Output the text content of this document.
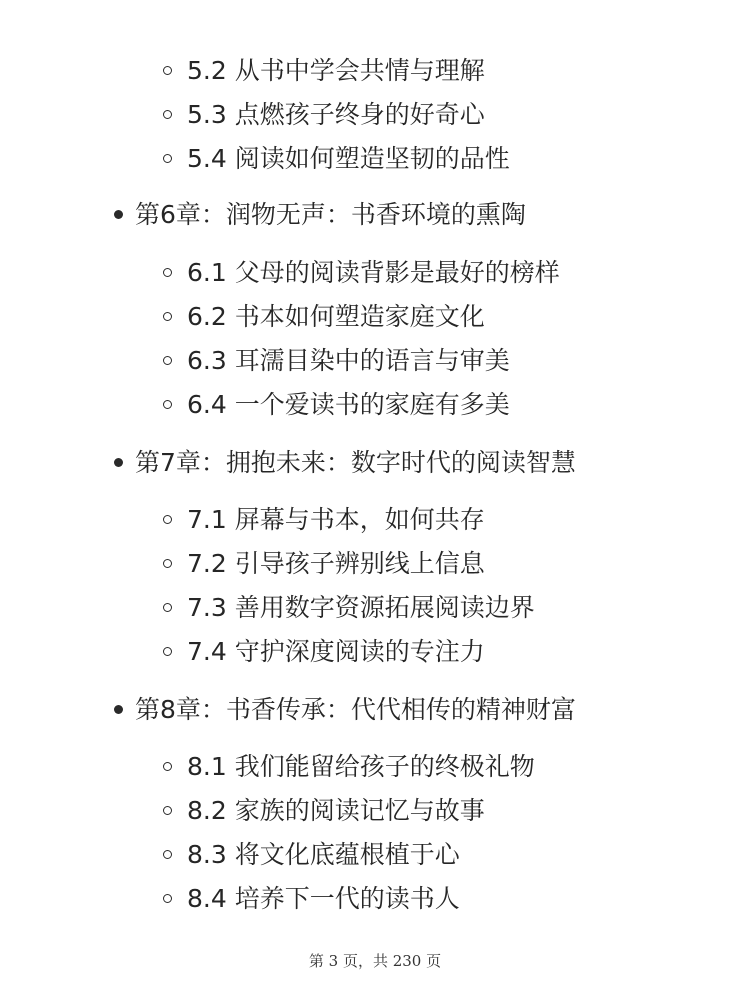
5.2 从书中学会共情与理解
5.3 点燃孩子终身的好奇心
5.4 阅读如何塑造坚韧的品性
第6章：润物无声：书香环境的熏陶
6.1 父母的阅读背影是最好的榜样
6.2 书本如何塑造家庭文化
6.3 耳濡目染中的语言与审美
6.4 一个爱读书的家庭有多美
第7章：拥抱未来：数字时代的阅读智慧
7.1 屏幕与书本，如何共存
7.2 引导孩子辨别线上信息
7.3 善用数字资源拓展阅读边界
7.4 守护深度阅读的专注力
第8章：书香传承：代代相传的精神财富
8.1 我们能留给孩子的终极礼物
8.2 家族的阅读记忆与故事
8.3 将文化底蕴根植于心
8.4 培养下一代的读书人
第 3 页，共 230 页
